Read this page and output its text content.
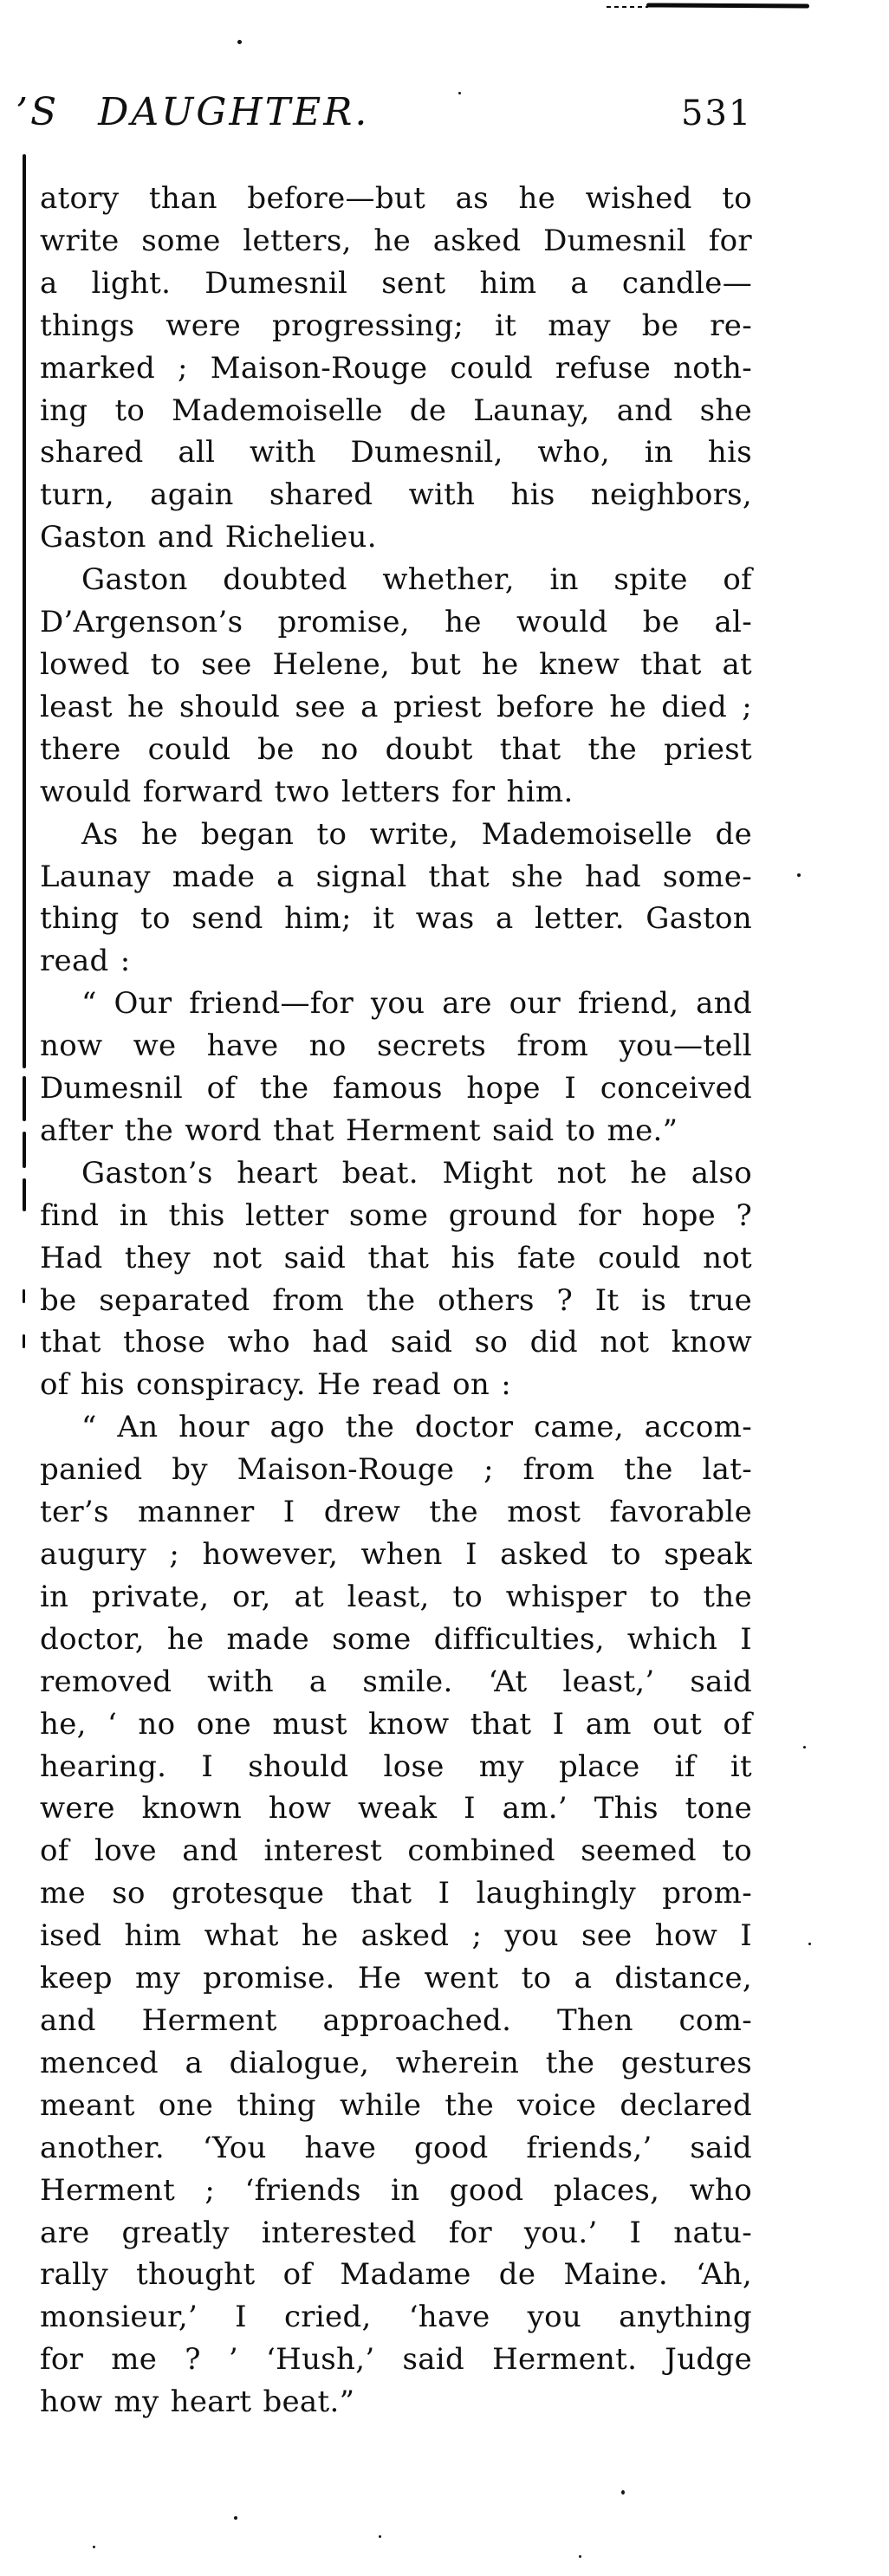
’S DAUGHTER.	531
atory than before—but as he wished to
write some letters, he asked Dumesnil for
a light. Dumesnil sent him a candle—
things were progressing; it may be re-
marked ; Maison-Rouge could refuse noth-
ing to Mademoiselle de Launay, and she
shared all with Dumesnil, who, in his
turn, again shared with his neighbors,
Gaston and Richelieu.
Gaston doubted whether, in spite of
D’Argenson’s promise, he would be al-
lowed to see Helene, but he knew that at
least he should see a priest before he died ;
there could be no doubt that the priest
would forward two letters for him.
As he began to write, Mademoiselle de
Launay made a signal that she had some-
thing to send him; it was a letter. Gaston
read :
“ Our friend—for you are our friend, and
now we have no secrets from you—tell
Dumesnil of the famous hope I conceived
after the word that Herment said to me.”
Gaston’s heart beat. Might not he also
find in this letter some ground for hope ?
Had they not said that his fate could not
be separated from the others ? It is true
that those who had said so did not know
of his conspiracy. He read on :
“ An hour ago the doctor came, accom-
panied by Maison-Rouge ; from the lat-
ter’s manner I drew the most favorable
augury ; however, when I asked to speak
in private, or, at least, to whisper to the
doctor, he made some difficulties, which I
removed with a smile. ‘At least,’ said
he, ‘ no one must know that I am out of
hearing. I should lose my place if it
were known how weak I am.’ This tone
of love and interest combined seemed to
me so grotesque that I laughingly prom-
ised him what he asked ; you see how I
keep my promise. He went to a distance,
and Herment approached. Then com-
menced a dialogue, wherein the gestures
meant one thing while the voice declared
another. ‘You have good friends,’ said
Herment ; ‘friends in good places, who
are greatly interested for you.’ I natu-
rally thought of Madame de Maine. ‘Ah,
monsieur,’ I cried, ‘have you anything
for me ? ’ ‘Hush,’ said Herment. Judge
how my heart beat.”
